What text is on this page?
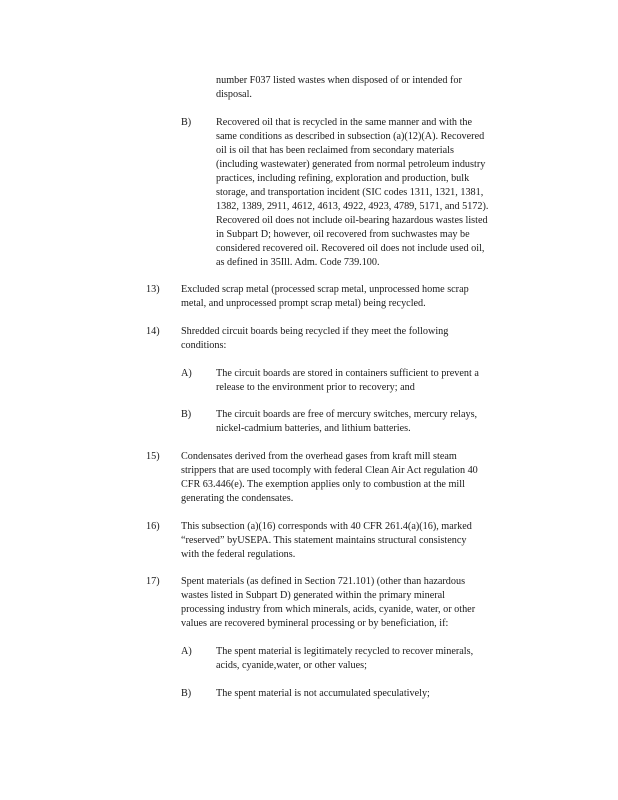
number F037 listed wastes when disposed of or intended for
disposal.
B) Recovered oil that is recycled in the same manner and with the
same conditions as described in subsection (a)(12)(A). Recovered
oil is oil that has been reclaimed from secondary materials
(including wastewater) generated from normal petroleum industry
practices, including refining, exploration and production, bulk
storage, and transportation incident (SIC codes 1311, 1321, 1381,
1382, 1389, 2911, 4612, 4613, 4922, 4923, 4789, 5171, and 5172).
Recovered oil does not include oil-bearing hazardous wastes listed
in Subpart D; however, oil recovered from suchwastes may be
considered recovered oil. Recovered oil does not include used oil,
as defined in 35Ill. Adm. Code 739.100.
13) Excluded scrap metal (processed scrap metal, unprocessed home scrap
metal, and unprocessed prompt scrap metal) being recycled.
14) Shredded circuit boards being recycled if they meet the following
conditions:
A) The circuit boards are stored in containers sufficient to prevent a
release to the environment prior to recovery; and
B) The circuit boards are free of mercury switches, mercury relays,
nickel-cadmium batteries, and lithium batteries.
15) Condensates derived from the overhead gases from kraft mill steam
strippers that are used tocomply with federal Clean Air Act regulation 40
CFR 63.446(e). The exemption applies only to combustion at the mill
generating the condensates.
16) This subsection (a)(16) corresponds with 40 CFR 261.4(a)(16), marked
“reserved” byUSEPA. This statement maintains structural consistency
with the federal regulations.
17) Spent materials (as defined in Section 721.101) (other than hazardous
wastes listed in Subpart D) generated within the primary mineral
processing industry from which minerals, acids, cyanide, water, or other
values are recovered bymineral processing or by beneficiation, if:
A) The spent material is legitimately recycled to recover minerals,
acids, cyanide,water, or other values;
B) The spent material is not accumulated speculatively;
